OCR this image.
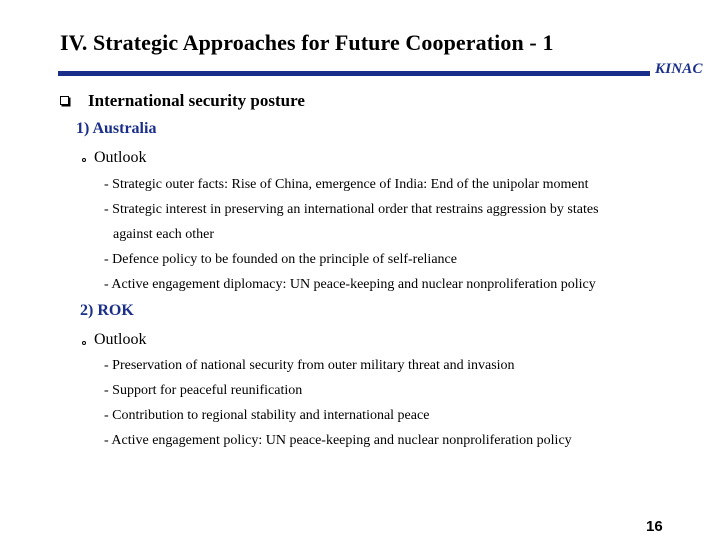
IV. Strategic Approaches for Future Cooperation - 1
KINAC
International security posture
1) Australia
Outlook
- Strategic outer facts: Rise of China, emergence of India: End of the unipolar moment
- Strategic interest in preserving an international order that restrains aggression by states
against each other
- Defence policy to be founded on the principle of self-reliance
- Active engagement diplomacy: UN peace-keeping and nuclear nonproliferation policy
2) ROK
Outlook
- Preservation of national security from outer military threat and invasion
- Support for peaceful reunification
- Contribution to regional stability and international peace
- Active engagement policy: UN peace-keeping and nuclear nonproliferation policy
16
